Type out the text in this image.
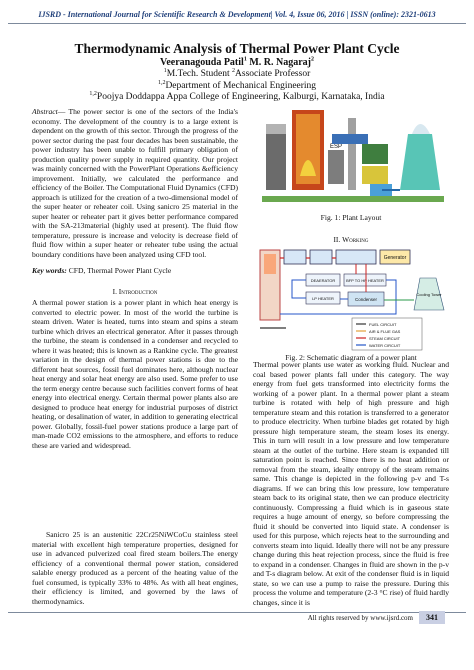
IJSRD - International Journal for Scientific Research & Development| Vol. 4, Issue 06, 2016 | ISSN (online): 2321-0613
Thermodynamic Analysis of Thermal Power Plant Cycle
Veeranagouda Patil$^1$ M. R. Nagaraj$^2$
$^1$M.Tech. Student $^2$Associate Professor
$^{1,2}$Department of Mechanical Engineering
$^{1,2}$Poojya Doddappa Appa College of Engineering, Kalburgi, Karnataka, India
Abstract— The power sector is one of the sectors of the India's economy. The development of the country is to a large extent is dependent on the growth of this sector. Through the progress of the power sector during the past four decades has been sustainable, the power industry has been unable to fulfill primary obligation of production quality power supply in required quantity. Our project was mainly concerned with the PowerPlant Operations &efficiency improvement. Initially, we calculated the performance and efficiency of the Boiler. The Computational Fluid Dynamics (CFD) approach is utilized for the creation of a two-dimensional model of the super heater or reheater coil. Using sanicro 25 material in the super heater or reheater part it gives better performance compared with the SA-213material (highly used at present). The fluid flow temperature, pressure is increase and velocity is decrease field of fluid flow within a super heater or reheater tube using the actual boundary conditions have been analyzed using CFD tool.
Key words: CFD, Thermal Power Plant Cycle
I. Introduction
A thermal power station is a power plant in which heat energy is converted to electric power. In most of the world the turbine is steam driven. Water is heated, turns into steam and spins a steam turbine which drives an electrical generator. After it passes through the turbine, the steam is condensed in a condenser and recycled to where it was heated; this is known as a Rankine cycle. The greatest variation in the design of thermal power stations is due to the different heat sources, fossil fuel dominates here, although nuclear heat energy and solar heat energy are also used. Some prefer to use the term energy centre because such facilities convert forms of heat energy into electrical energy. Certain thermal power plants also are designed to produce heat energy for industrial purposes of district heating, or desalination of water, in addition to generating electrical power. Globally, fossil-fuel power stations produce a large part of man-made CO2 emissions to the atmosphere, and efforts to reduce these are varied and widespread.
Sanicro 25 is an austenitic 22Cr25NiWCoCu stainless steel material with excellent high temperature properties, designed for use in advanced pulverized coal fired steam boilers.The energy efficiency of a conventional thermal power station, considered salable energy produced as a percent of the heating value of the fuel consumed, is typically 33% to 48%. As with all heat engines, their efficiency is limited, and governed by the laws of thermodynamics.
ESP
Fig. 1: Plant Layout
II. Working
Generator
BFP TO HP HEATER
DEAERATOR
LP HEATER	Condenser
Cooling Tower
FUEL CIRCUIT
AIR & FLUE GAS
STEAM CIRCUIT
WATER CIRCUIT
Fig. 2: Schematic diagram of a power plant
Thermal power plants use water as working fluid. Nuclear and coal based power plants fall under this category. The way energy from fuel gets transformed into electricity forms the working of a power plant. In a thermal power plant a steam turbine is rotated with help of high pressure and high temperature steam and this rotation is transferred to a generator to produce electricity. When turbine blades get rotated by high pressure high temperature steam, the steam loses its energy. This in turn will result in a low pressure and low temperature steam at the outlet of the turbine. Here steam is expanded till saturation point is reached. Since there is no heat addition or removal from the steam, ideally entropy of the steam remains same. This change is depicted in the following p-v and T-s diagrams. If we can bring this low pressure, low temperature steam back to its original state, then we can produce electricity continuously. Compressing a fluid which is in gaseous state requires a huge amount of energy, so before compressing the fluid it should be converted into liquid state. A condenser is used for this purpose, which rejects heat to the surrounding and converts steam into liquid. Ideally there will not be any pressure change during this heat rejection process, since the fluid is free to expand in a condenser. Changes in fluid are shown in the p-v and T-s diagram below. At exit of the condenser fluid is in liquid state, so we can use a pump to raise the pressure. During this process the volume and temperature (2-3 °C rise) of fluid hardly changes, since it is
All rights reserved by www.ijsrd.com	341
